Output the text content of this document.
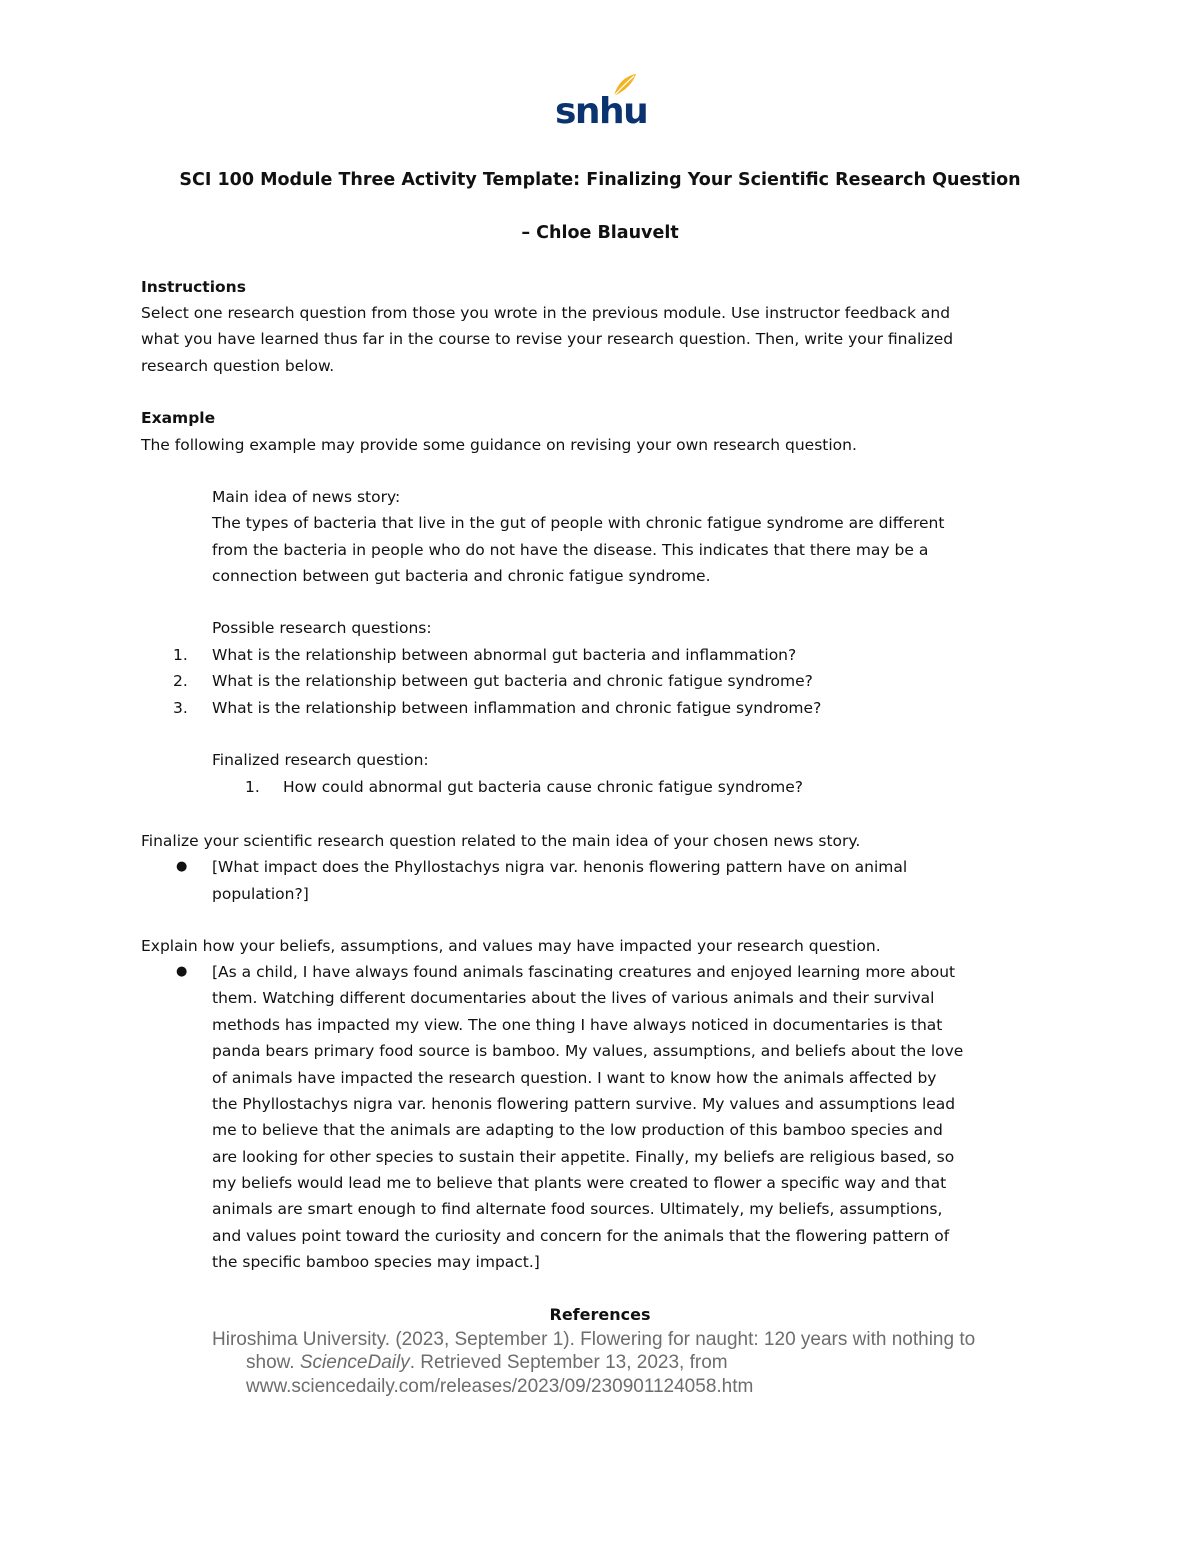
snhu
SCI 100 Module Three Activity Template: Finalizing Your Scientific Research Question
– Chloe Blauvelt
Instructions
Select one research question from those you wrote in the previous module. Use instructor feedback and
what you have learned thus far in the course to revise your research question. Then, write your finalized
research question below.
Example
The following example may provide some guidance on revising your own research question.
Main idea of news story:
The types of bacteria that live in the gut of people with chronic fatigue syndrome are different
from the bacteria in people who do not have the disease. This indicates that there may be a
connection between gut bacteria and chronic fatigue syndrome.
Possible research questions:
1. What is the relationship between abnormal gut bacteria and inflammation?
2. What is the relationship between gut bacteria and chronic fatigue syndrome?
3. What is the relationship between inflammation and chronic fatigue syndrome?
Finalized research question:
1. How could abnormal gut bacteria cause chronic fatigue syndrome?
Finalize your scientific research question related to the main idea of your chosen news story.
● [What impact does the Phyllostachys nigra var. henonis flowering pattern have on animal
population?]
Explain how your beliefs, assumptions, and values may have impacted your research question.
● [As a child, I have always found animals fascinating creatures and enjoyed learning more about
them. Watching different documentaries about the lives of various animals and their survival
methods has impacted my view. The one thing I have always noticed in documentaries is that
panda bears primary food source is bamboo. My values, assumptions, and beliefs about the love
of animals have impacted the research question. I want to know how the animals affected by
the Phyllostachys nigra var. henonis flowering pattern survive. My values and assumptions lead
me to believe that the animals are adapting to the low production of this bamboo species and
are looking for other species to sustain their appetite. Finally, my beliefs are religious based, so
my beliefs would lead me to believe that plants were created to flower a specific way and that
animals are smart enough to find alternate food sources. Ultimately, my beliefs, assumptions,
and values point toward the curiosity and concern for the animals that the flowering pattern of
the specific bamboo species may impact.]
References
Hiroshima University. (2023, September 1). Flowering for naught: 120 years with nothing to
show. ScienceDaily. Retrieved September 13, 2023, from
www.sciencedaily.com/releases/2023/09/230901124058.htm
